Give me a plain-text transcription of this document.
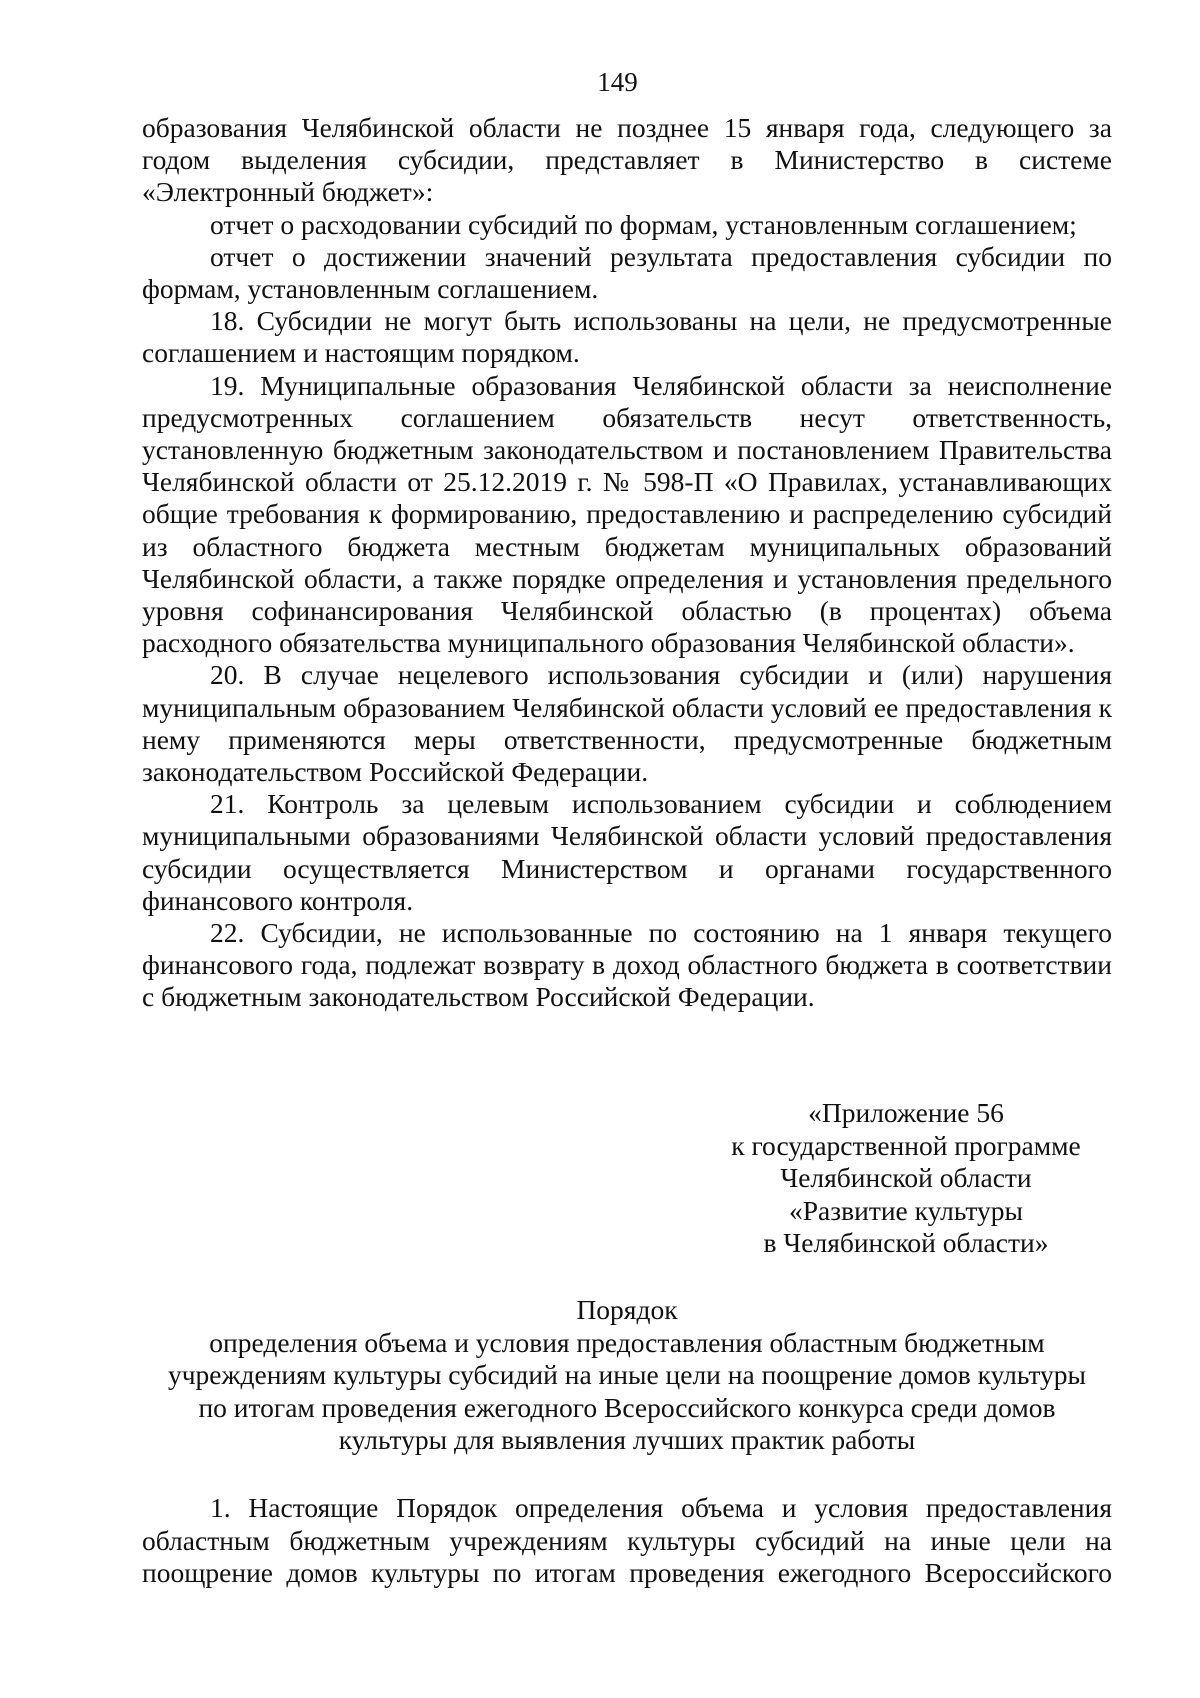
149

образования Челябинской области не позднее 15 января года, следующего за годом выделения субсидии, представляет в Министерство в системе «Электронный бюджет»:

отчет о расходовании субсидий по формам, установленным соглашением;

отчет о достижении значений результата предоставления субсидии по формам, установленным соглашением.

18. Субсидии не могут быть использованы на цели, не предусмотренные соглашением и настоящим порядком.

19. Муниципальные образования Челябинской области за неисполнение предусмотренных соглашением обязательств несут ответственность, установленную бюджетным законодательством и постановлением Правительства Челябинской области от 25.12.2019 г. № 598-П «О Правилах, устанавливающих общие требования к формированию, предоставлению и распределению субсидий из областного бюджета местным бюджетам муниципальных образований Челябинской области, а также порядке определения и установления предельного уровня софинансирования Челябинской областью (в процентах) объема расходного обязательства муниципального образования Челябинской области».

20. В случае нецелевого использования субсидии и (или) нарушения муниципальным образованием Челябинской области условий ее предоставления к нему применяются меры ответственности, предусмотренные бюджетным законодательством Российской Федерации.

21. Контроль за целевым использованием субсидии и соблюдением муниципальными образованиями Челябинской области условий предоставления субсидии осуществляется Министерством и органами государственного финансового контроля.

22. Субсидии, не использованные по состоянию на 1 января текущего финансового года, подлежат возврату в доход областного бюджета в соответствии с бюджетным законодательством Российской Федерации.

«Приложение 56
к государственной программе
Челябинской области
«Развитие культуры
в Челябинской области»
Порядок
определения объема и условия предоставления областным бюджетным
учреждениям культуры субсидий на иные цели на поощрение домов культуры
по итогам проведения ежегодного Всероссийского конкурса среди домов
культуры для выявления лучших практик работы

1. Настоящие Порядок определения объема и условия предоставления областным бюджетным учреждениям культуры субсидий на иные цели на поощрение домов культуры по итогам проведения ежегодного Всероссийского
